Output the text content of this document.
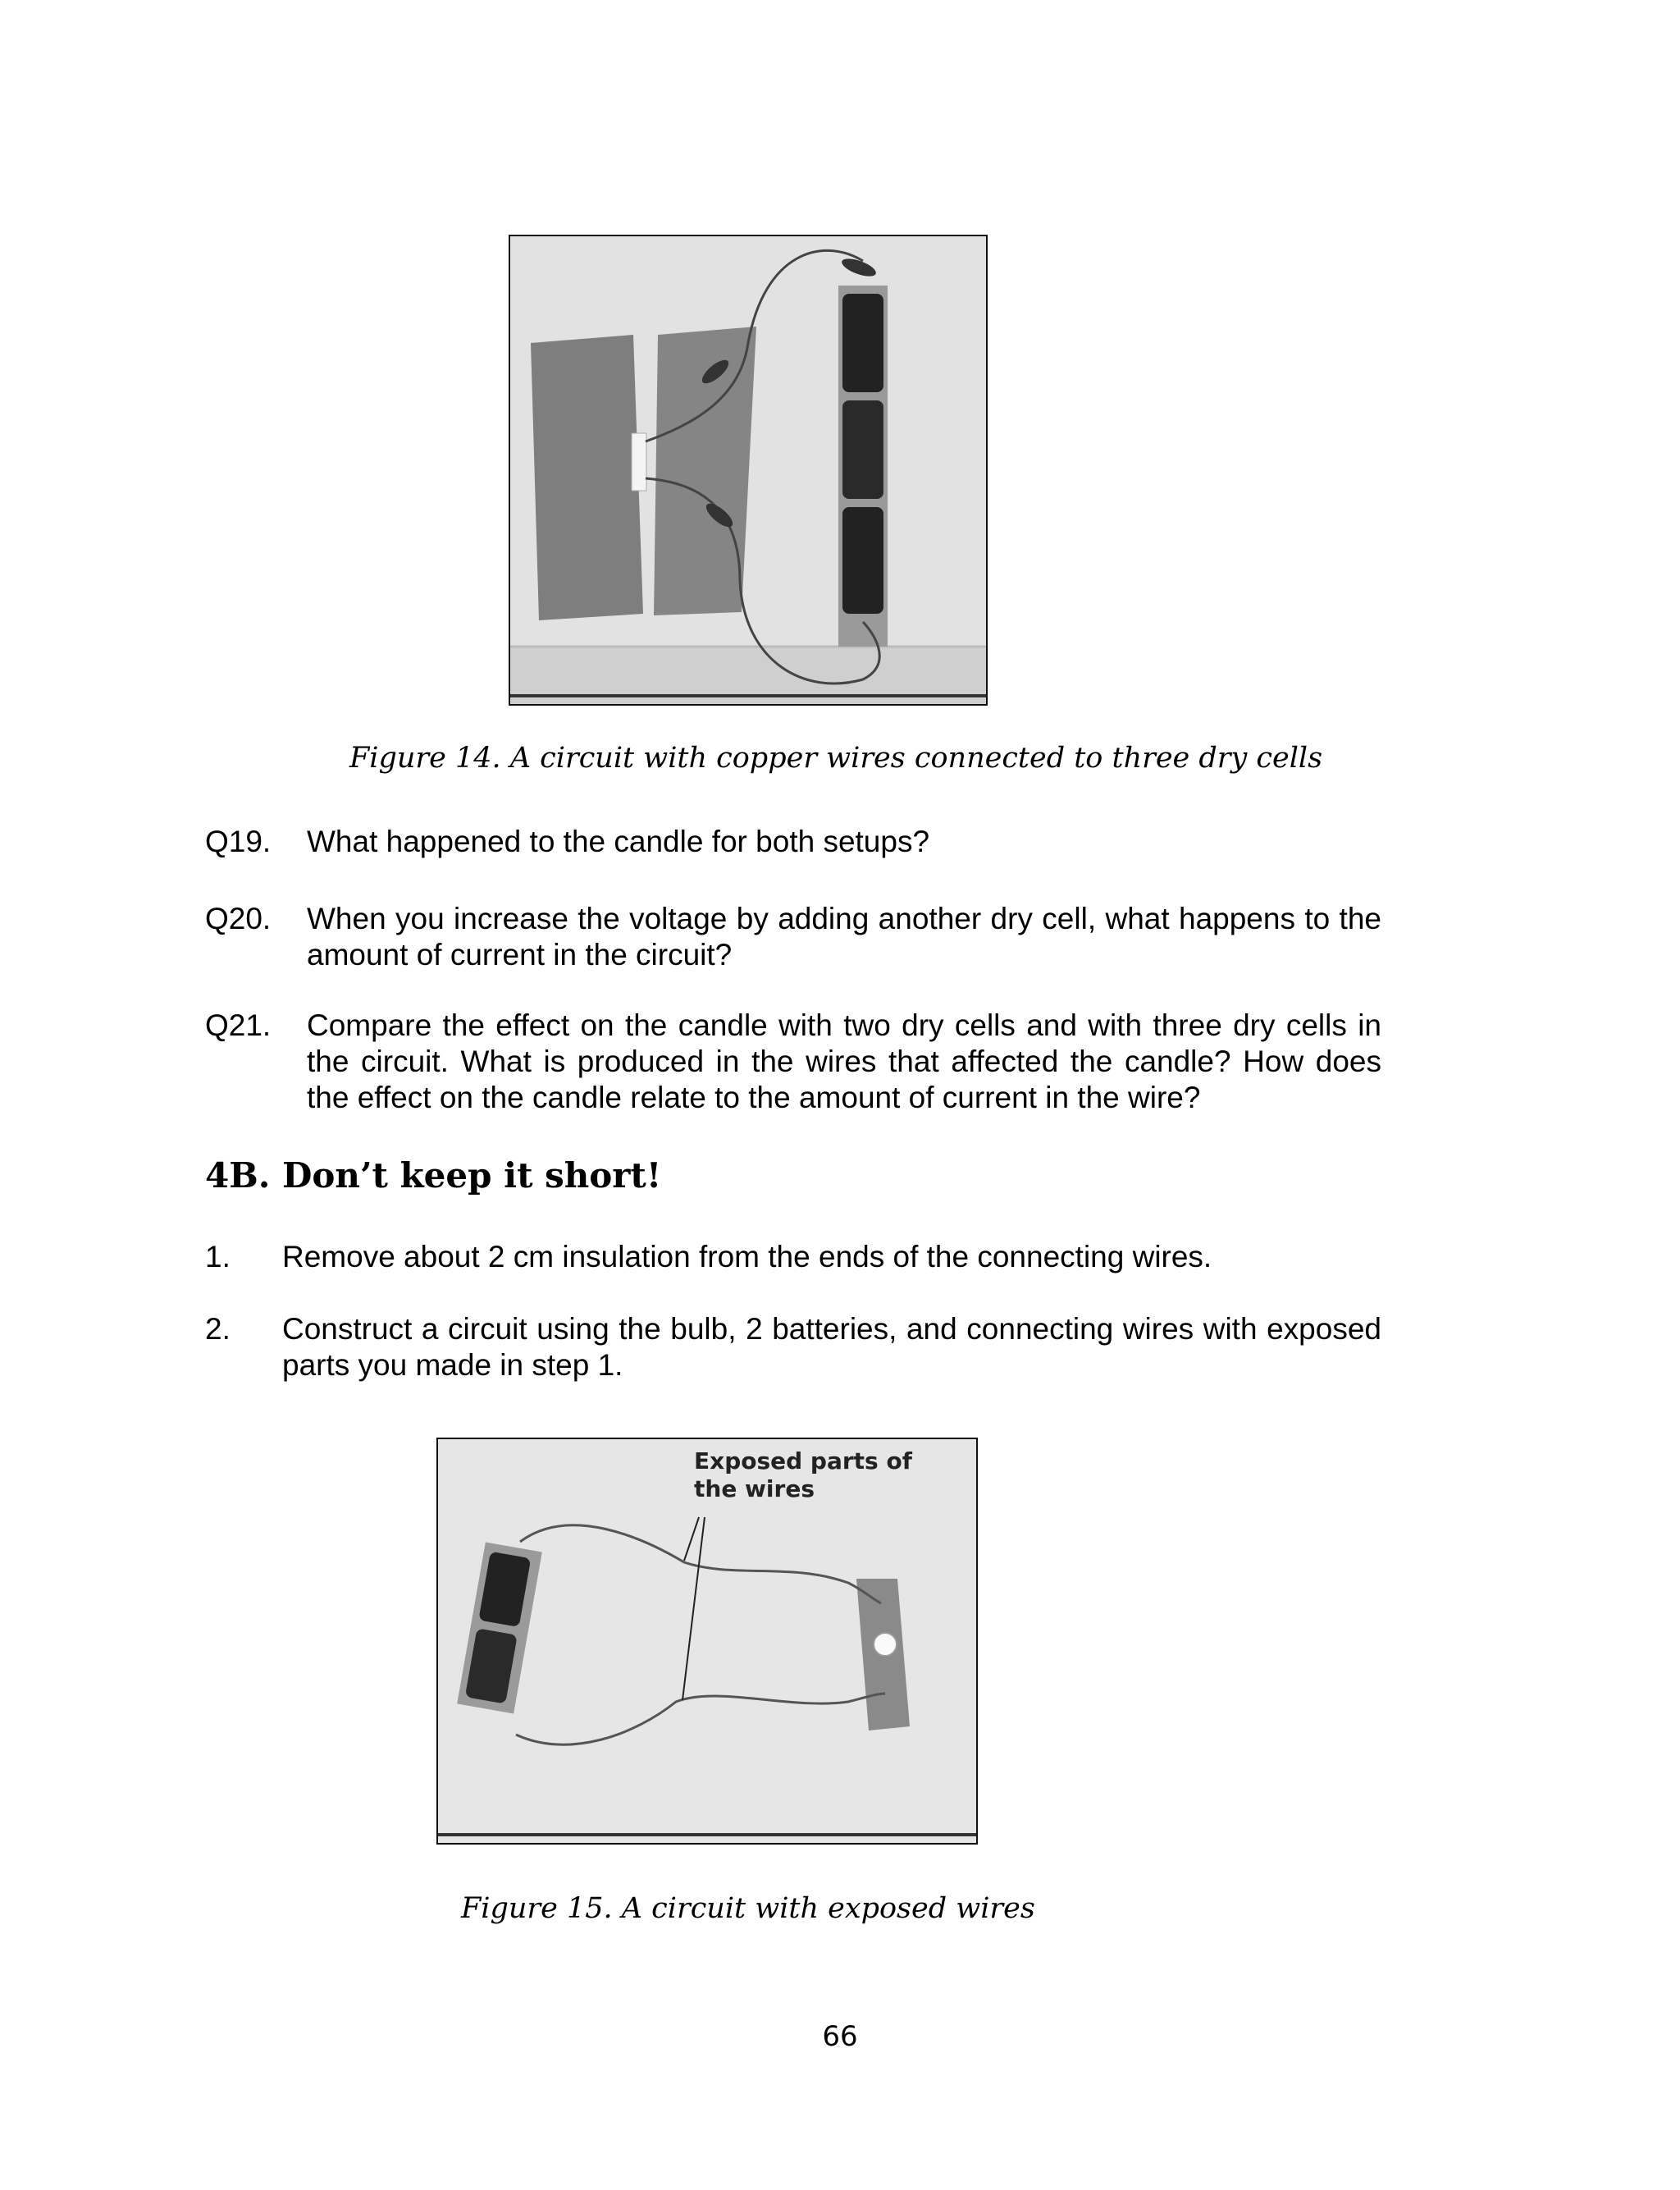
Figure 14. A circuit with copper wires connected to three dry cells
Q19. What happened to the candle for both setups?
Q20. When you increase the voltage by adding another dry cell, what happens to the amount of current in the circuit?
Q21. Compare the effect on the candle with two dry cells and with three dry cells in the circuit. What is produced in the wires that affected the candle? How does the effect on the candle relate to the amount of current in the wire?
4B. Don’t keep it short!
1. Remove about 2 cm insulation from the ends of the connecting wires.
2. Construct a circuit using the bulb, 2 batteries, and connecting wires with exposed parts you made in step 1.
Exposed parts of
the wires
Figure 15. A circuit with exposed wires
66
